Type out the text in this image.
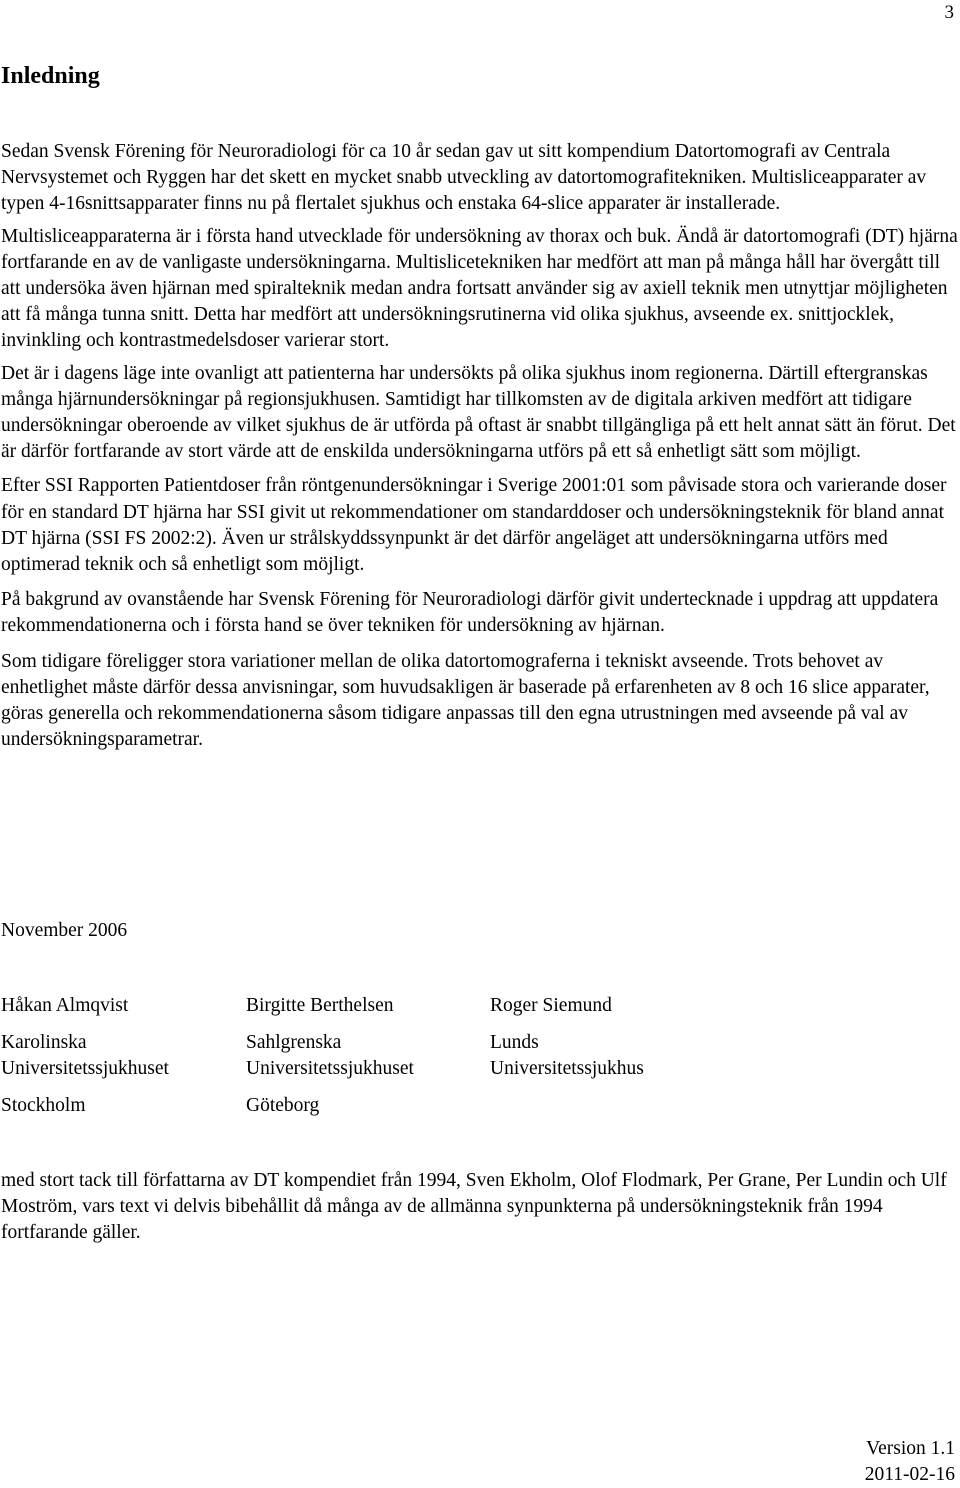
3
Inledning

Sedan Svensk Förening för Neuroradiologi för ca 10 år sedan gav ut sitt kompendium Datortomografi av Centrala Nervsystemet och Ryggen har det skett en mycket snabb utveckling av datortomografitekniken. Multisliceapparater av typen 4-16snittsapparater finns nu på flertalet sjukhus och enstaka 64-slice apparater är installerade.

Multisliceapparaterna är i första hand utvecklade för undersökning av thorax och buk. Ändå är datortomografi (DT) hjärna fortfarande en av de vanligaste undersökningarna. Multislicetekniken har medfört att man på många håll har övergått till att undersöka även hjärnan med spiralteknik medan andra fortsatt använder sig av axiell teknik men utnyttjar möjligheten att få många tunna snitt. Detta har medfört att undersökningsrutinerna vid olika sjukhus, avseende ex. snittjocklek, invinkling och kontrastmedelsdoser varierar stort.

Det är i dagens läge inte ovanligt att patienterna har undersökts på olika sjukhus inom regionerna. Därtill eftergranskas många hjärnundersökningar på regionsjukhusen. Samtidigt har tillkomsten av de digitala arkiven medfört att tidigare undersökningar oberoende av vilket sjukhus de är utförda på oftast är snabbt tillgängliga på ett helt annat sätt än förut. Det är därför fortfarande av stort värde att de enskilda undersökningarna utförs på ett så enhetligt sätt som möjligt.

Efter SSI Rapporten Patientdoser från röntgenundersökningar i Sverige 2001:01 som påvisade stora och varierande doser för en standard DT hjärna har SSI givit ut rekommendationer om standarddoser och undersökningsteknik för bland annat DT hjärna (SSI FS 2002:2). Även ur strålskyddssynpunkt är det därför angeläget att undersökningarna utförs med optimerad teknik och så enhetligt som möjligt.

På bakgrund av ovanstående har Svensk Förening för Neuroradiologi därför givit undertecknade i uppdrag att uppdatera rekommendationerna och i första hand se över tekniken för undersökning av hjärnan.

Som tidigare föreligger stora variationer mellan de olika datortomograferna i tekniskt avseende. Trots behovet av enhetlighet måste därför dessa anvisningar, som huvudsakligen är baserade på erfarenheten av 8 och 16 slice apparater, göras generella och rekommendationerna såsom tidigare anpassas till den egna utrustningen med avseende på val av undersökningsparametrar.

November 2006
Håkan Almqvist
Karolinska
Universitetssjukhuset
Stockholm
Birgitte Berthelsen
Sahlgrenska
Universitetssjukhuset
Göteborg
Roger Siemund
Lunds
Universitetssjukhus

med stort tack till författarna av DT kompendiet från 1994, Sven Ekholm, Olof Flodmark, Per Grane, Per Lundin och Ulf Moström, vars text vi delvis bibehållit då många av de allmänna synpunkterna på undersökningsteknik från 1994 fortfarande gäller.

Version 1.1
2011-02-16
